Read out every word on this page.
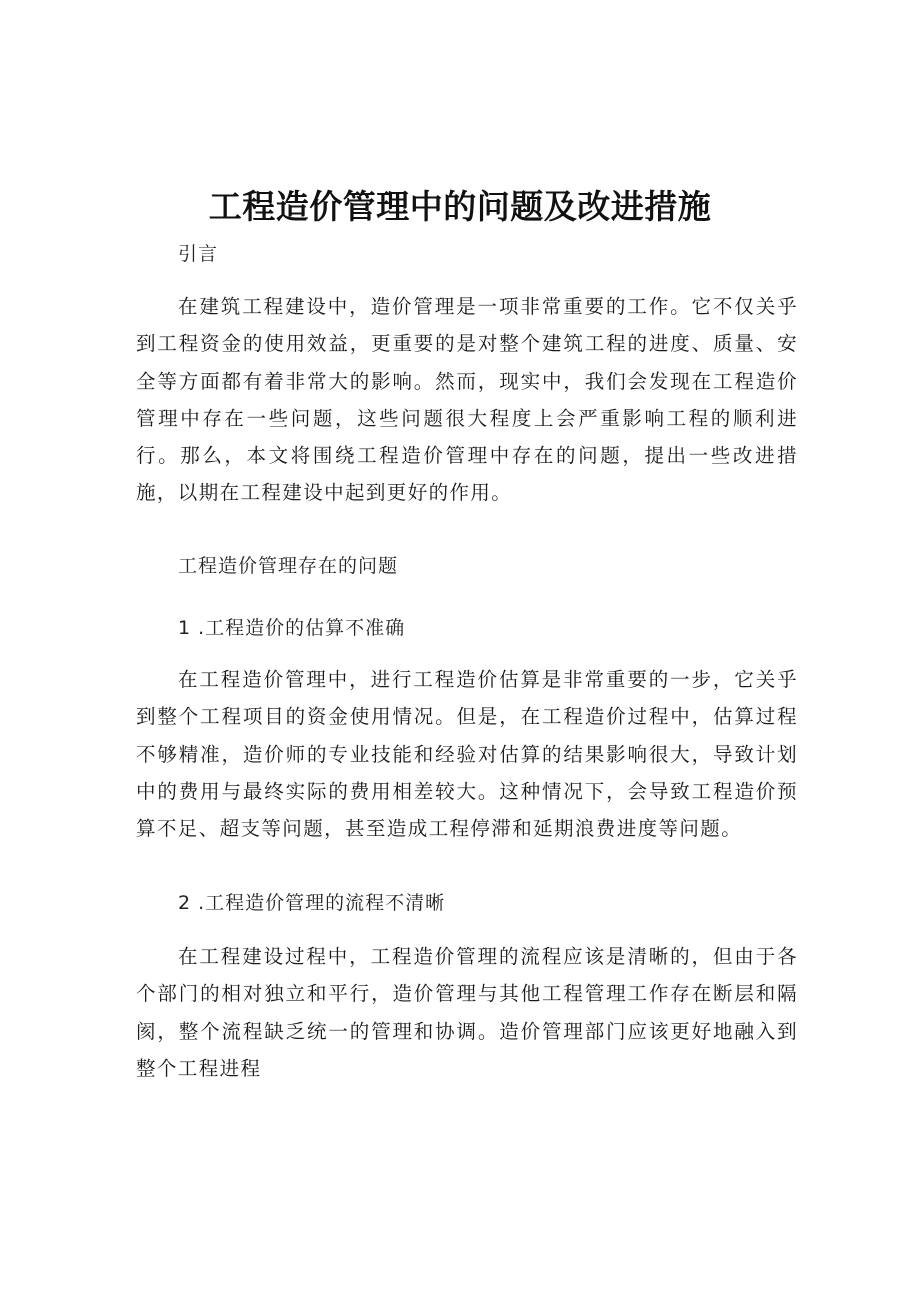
工程造价管理中的问题及改进措施

引言

在建筑工程建设中，造价管理是一项非常重要的工作。它不仅关乎到工程资金的使用效益，更重要的是对整个建筑工程的进度、质量、安全等方面都有着非常大的影响。然而，现实中，我们会发现在工程造价管理中存在一些问题，这些问题很大程度上会严重影响工程的顺利进行。那么，本文将围绕工程造价管理中存在的问题，提出一些改进措施，以期在工程建设中起到更好的作用。

工程造价管理存在的问题

1 .工程造价的估算不准确

在工程造价管理中，进行工程造价估算是非常重要的一步，它关乎到整个工程项目的资金使用情况。但是，在工程造价过程中，估算过程不够精准，造价师的专业技能和经验对估算的结果影响很大，导致计划中的费用与最终实际的费用相差较大。这种情况下，会导致工程造价预算不足、超支等问题，甚至造成工程停滞和延期浪费进度等问题。

2 .工程造价管理的流程不清晰

在工程建设过程中，工程造价管理的流程应该是清晰的，但由于各个部门的相对独立和平行，造价管理与其他工程管理工作存在断层和隔阂，整个流程缺乏统一的管理和协调。造价管理部门应该更好地融入到整个工程进程
